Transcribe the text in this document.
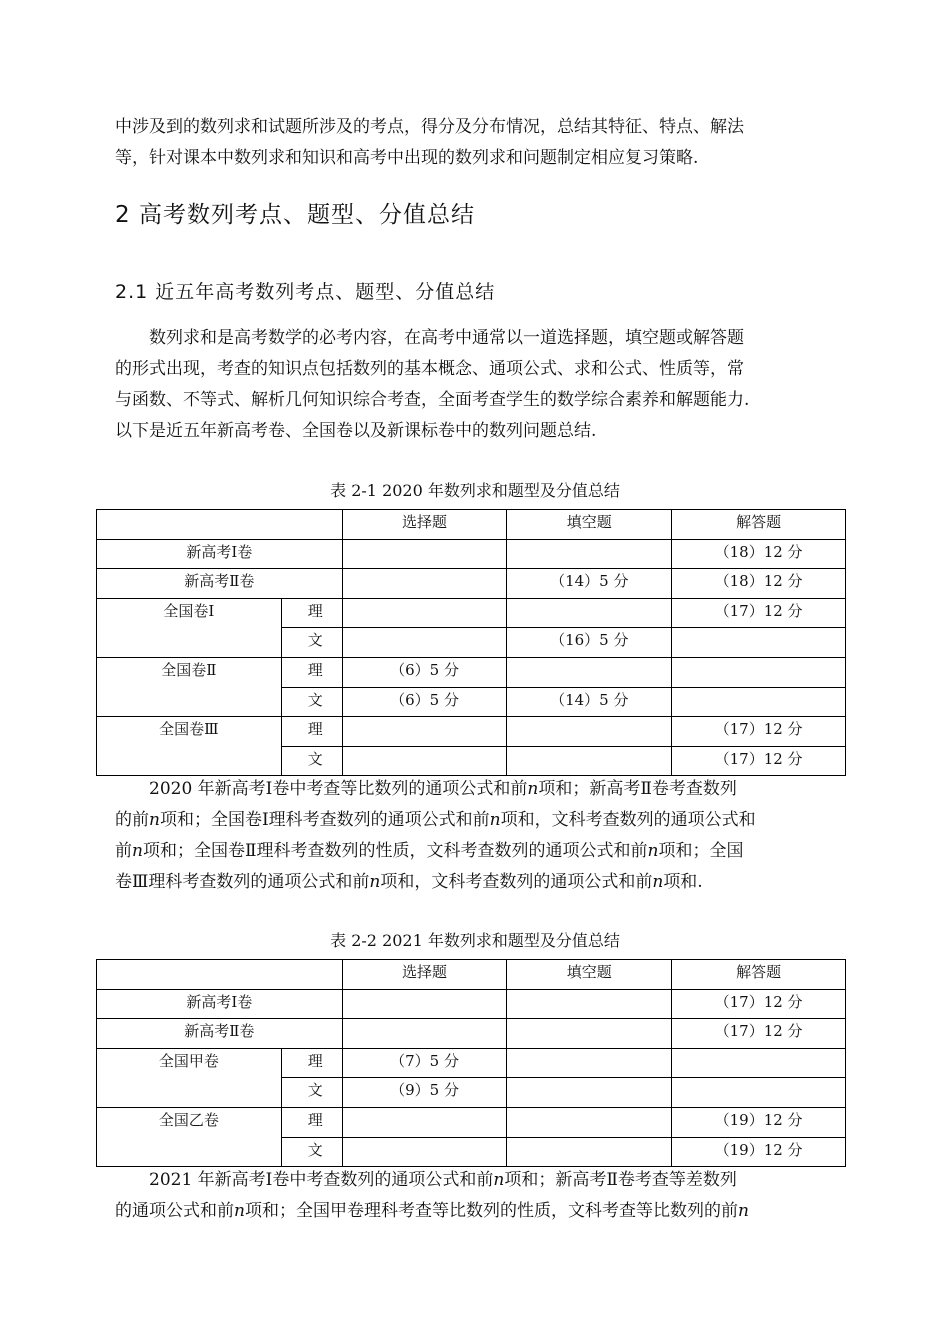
中涉及到的数列求和试题所涉及的考点，得分及分布情况，总结其特征、特点、解法
等，针对课本中数列求和知识和高考中出现的数列求和问题制定相应复习策略.

2 高考数列考点、题型、分值总结
2.1 近五年高考数列考点、题型、分值总结

数列求和是高考数学的必考内容，在高考中通常以一道选择题，填空题或解答题
的形式出现，考查的知识点包括数列的基本概念、通项公式、求和公式、性质等，常
与函数、不等式、解析几何知识综合考查，全面考查学生的数学综合素养和解题能力.
以下是近五年新高考卷、全国卷以及新课标卷中的数列问题总结.

表 2-1 2020 年数列求和题型及分值总结

		选择题	填空题	解答题
新高考Ⅰ卷				（18）12 分
新高考Ⅱ卷			（14）5 分	（18）12 分
全国卷Ⅰ	理			（17）12 分
	文		（16）5 分	
全国卷Ⅱ	理	（6）5 分		
	文	（6）5 分	（14）5 分	
全国卷Ⅲ	理			（17）12 分
	文			（17）12 分

2020 年新高考Ⅰ卷中考查等比数列的通项公式和前n项和；新高考Ⅱ卷考查数列
的前n项和；全国卷Ⅰ理科考查数列的通项公式和前n项和，文科考查数列的通项公式和
前n项和；全国卷Ⅱ理科考查数列的性质，文科考查数列的通项公式和前n项和；全国
卷Ⅲ理科考查数列的通项公式和前n项和，文科考查数列的通项公式和前n项和.

表 2-2 2021 年数列求和题型及分值总结

		选择题	填空题	解答题
新高考Ⅰ卷				（17）12 分
新高考Ⅱ卷				（17）12 分
全国甲卷	理	（7）5 分		
	文	（9）5 分		
全国乙卷	理			（19）12 分
	文			（19）12 分

2021 年新高考Ⅰ卷中考查数列的通项公式和前n项和；新高考Ⅱ卷考查等差数列
的通项公式和前n项和；全国甲卷理科考查等比数列的性质，文科考查等比数列的前n
